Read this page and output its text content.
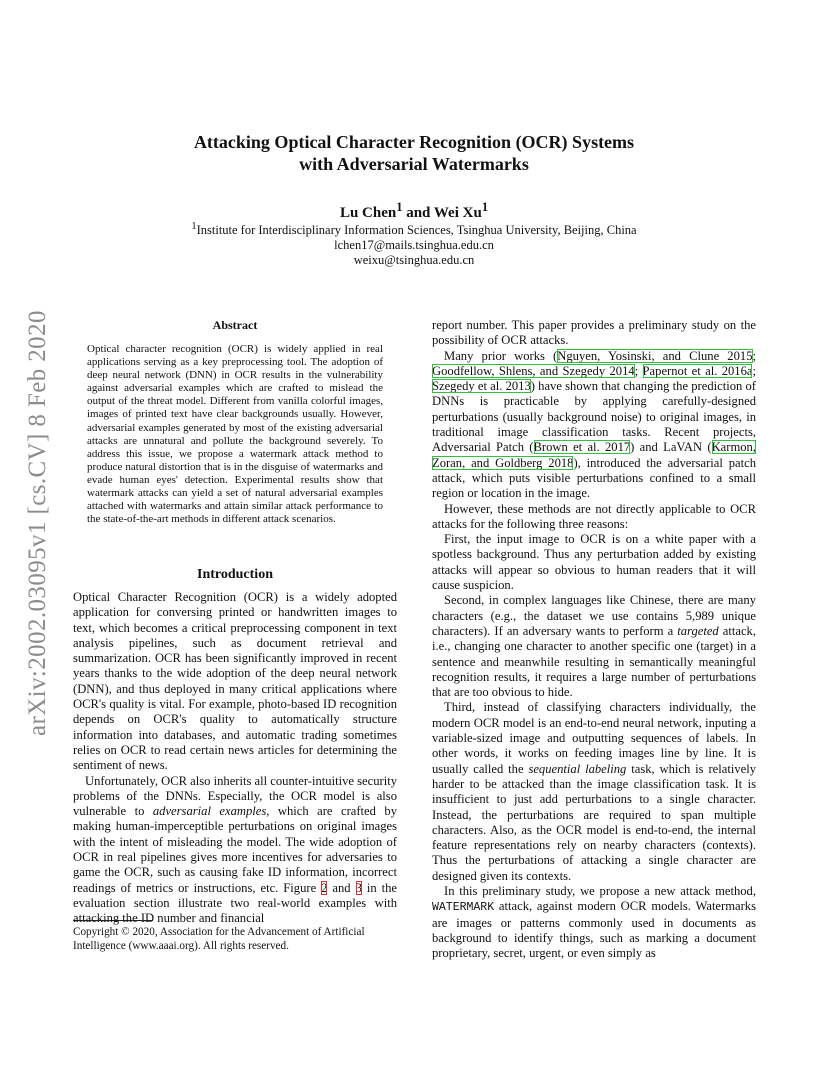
arXiv:2002.03095v1 [cs.CV] 8 Feb 2020
Attacking Optical Character Recognition (OCR) Systems
with Adversarial Watermarks
Lu Chen$^1$ and Wei Xu$^1$
$^1$Institute for Interdisciplinary Information Sciences, Tsinghua University, Beijing, China
lchen17@mails.tsinghua.edu.cn
weixu@tsinghua.edu.cn
Abstract
Optical character recognition (OCR) is widely applied in real applications serving as a key preprocessing tool. The adoption of deep neural network (DNN) in OCR results in the vulnerability against adversarial examples which are crafted to mislead the output of the threat model. Different from vanilla colorful images, images of printed text have clear backgrounds usually. However, adversarial examples generated by most of the existing adversarial attacks are unnatural and pollute the background severely. To address this issue, we propose a watermark attack method to produce natural distortion that is in the disguise of watermarks and evade human eyes' detection. Experimental results show that watermark attacks can yield a set of natural adversarial examples attached with watermarks and attain similar attack performance to the state-of-the-art methods in different attack scenarios.
Introduction

Optical Character Recognition (OCR) is a widely adopted application for conversing printed or handwritten images to text, which becomes a critical preprocessing component in text analysis pipelines, such as document retrieval and summarization. OCR has been significantly improved in recent years thanks to the wide adoption of the deep neural network (DNN), and thus deployed in many critical applications where OCR's quality is vital. For example, photo-based ID recognition depends on OCR's quality to automatically structure information into databases, and automatic trading sometimes relies on OCR to read certain news articles for determining the sentiment of news.

Unfortunately, OCR also inherits all counter-intuitive security problems of the DNNs. Especially, the OCR model is also vulnerable to adversarial examples, which are crafted by making human-imperceptible perturbations on original images with the intent of misleading the model. The wide adoption of OCR in real pipelines gives more incentives for adversaries to game the OCR, such as causing fake ID information, incorrect readings of metrics or instructions, etc. Figure 2 and 3 in the evaluation section illustrate two real-world examples with attacking the ID number and financial

Copyright © 2020, Association for the Advancement of Artificial Intelligence (www.aaai.org). All rights reserved.

report number. This paper provides a preliminary study on the possibility of OCR attacks.

Many prior works (Nguyen, Yosinski, and Clune 2015; Goodfellow, Shlens, and Szegedy 2014; Papernot et al. 2016a; Szegedy et al. 2013) have shown that changing the prediction of DNNs is practicable by applying carefully-designed perturbations (usually background noise) to original images, in traditional image classification tasks. Recent projects, Adversarial Patch (Brown et al. 2017) and LaVAN (Karmon, Zoran, and Goldberg 2018), introduced the adversarial patch attack, which puts visible perturbations confined to a small region or location in the image.

However, these methods are not directly applicable to OCR attacks for the following three reasons:

First, the input image to OCR is on a white paper with a spotless background. Thus any perturbation added by existing attacks will appear so obvious to human readers that it will cause suspicion.

Second, in complex languages like Chinese, there are many characters (e.g., the dataset we use contains 5,989 unique characters). If an adversary wants to perform a targeted attack, i.e., changing one character to another specific one (target) in a sentence and meanwhile resulting in semantically meaningful recognition results, it requires a large number of perturbations that are too obvious to hide.

Third, instead of classifying characters individually, the modern OCR model is an end-to-end neural network, inputing a variable-sized image and outputting sequences of labels. In other words, it works on feeding images line by line. It is usually called the sequential labeling task, which is relatively harder to be attacked than the image classification task. It is insufficient to just add perturbations to a single character. Instead, the perturbations are required to span multiple characters. Also, as the OCR model is end-to-end, the internal feature representations rely on nearby characters (contexts). Thus the perturbations of attacking a single character are designed given its contexts.

In this preliminary study, we propose a new attack method, WATERMARK attack, against modern OCR models. Watermarks are images or patterns commonly used in documents as background to identify things, such as marking a document proprietary, secret, urgent, or even simply as
